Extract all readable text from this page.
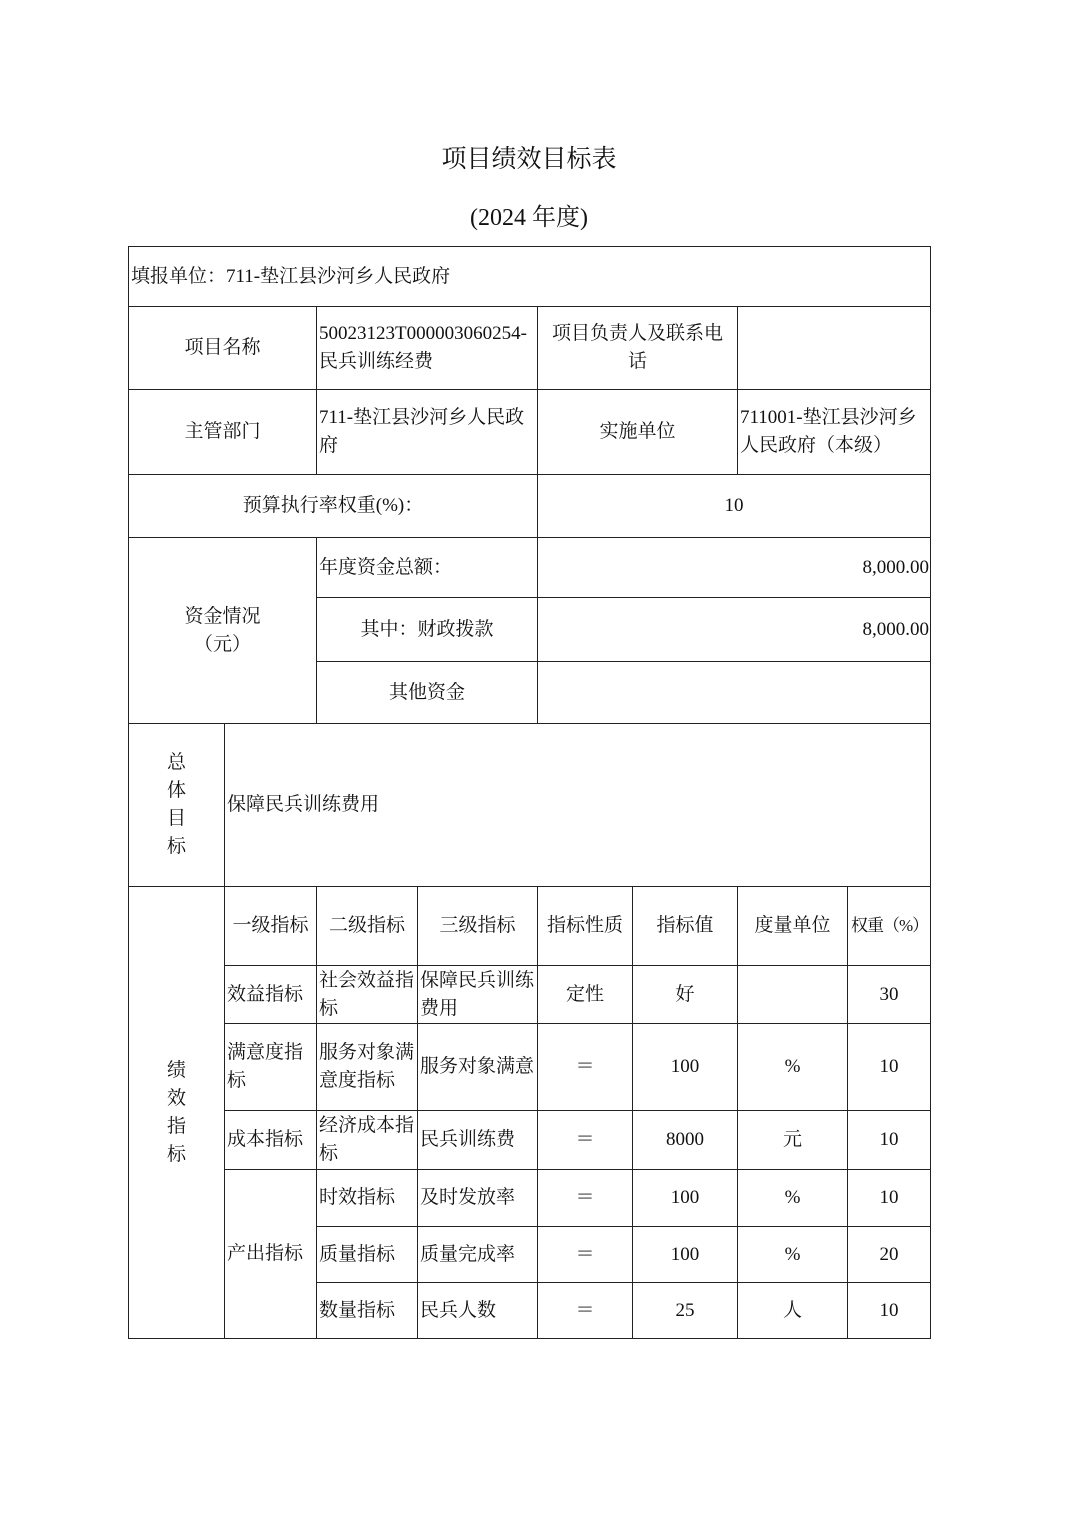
项目绩效目标表
(2024 年度)
填报单位：711-垫江县沙河乡人民政府							
项目名称		50023123T000003060254-民兵训练经费		项目负责人及联系电话			
主管部门		711-垫江县沙河乡人民政府		实施单位		711001-垫江县沙河乡人民政府（本级）	
预算执行率权重(%)：				10			
资金情况（元）		年度资金总额：		8,000.00			
		其中：财政拨款		8,000.00			
		其他资金					
总体目标	保障民兵训练费用						
绩效指标	一级指标	二级指标	三级指标	指标性质	指标值	度量单位	权重（%）
	效益指标	社会效益指标	保障民兵训练费用	定性	好		30
	满意度指标	服务对象满意度指标	服务对象满意	＝	100	%	10
	成本指标	经济成本指标	民兵训练费	＝	8000	元	10
	产出指标	时效指标	及时发放率	＝	100	%	10
		质量指标	质量完成率	＝	100	%	20
		数量指标	民兵人数	＝	25	人	10
